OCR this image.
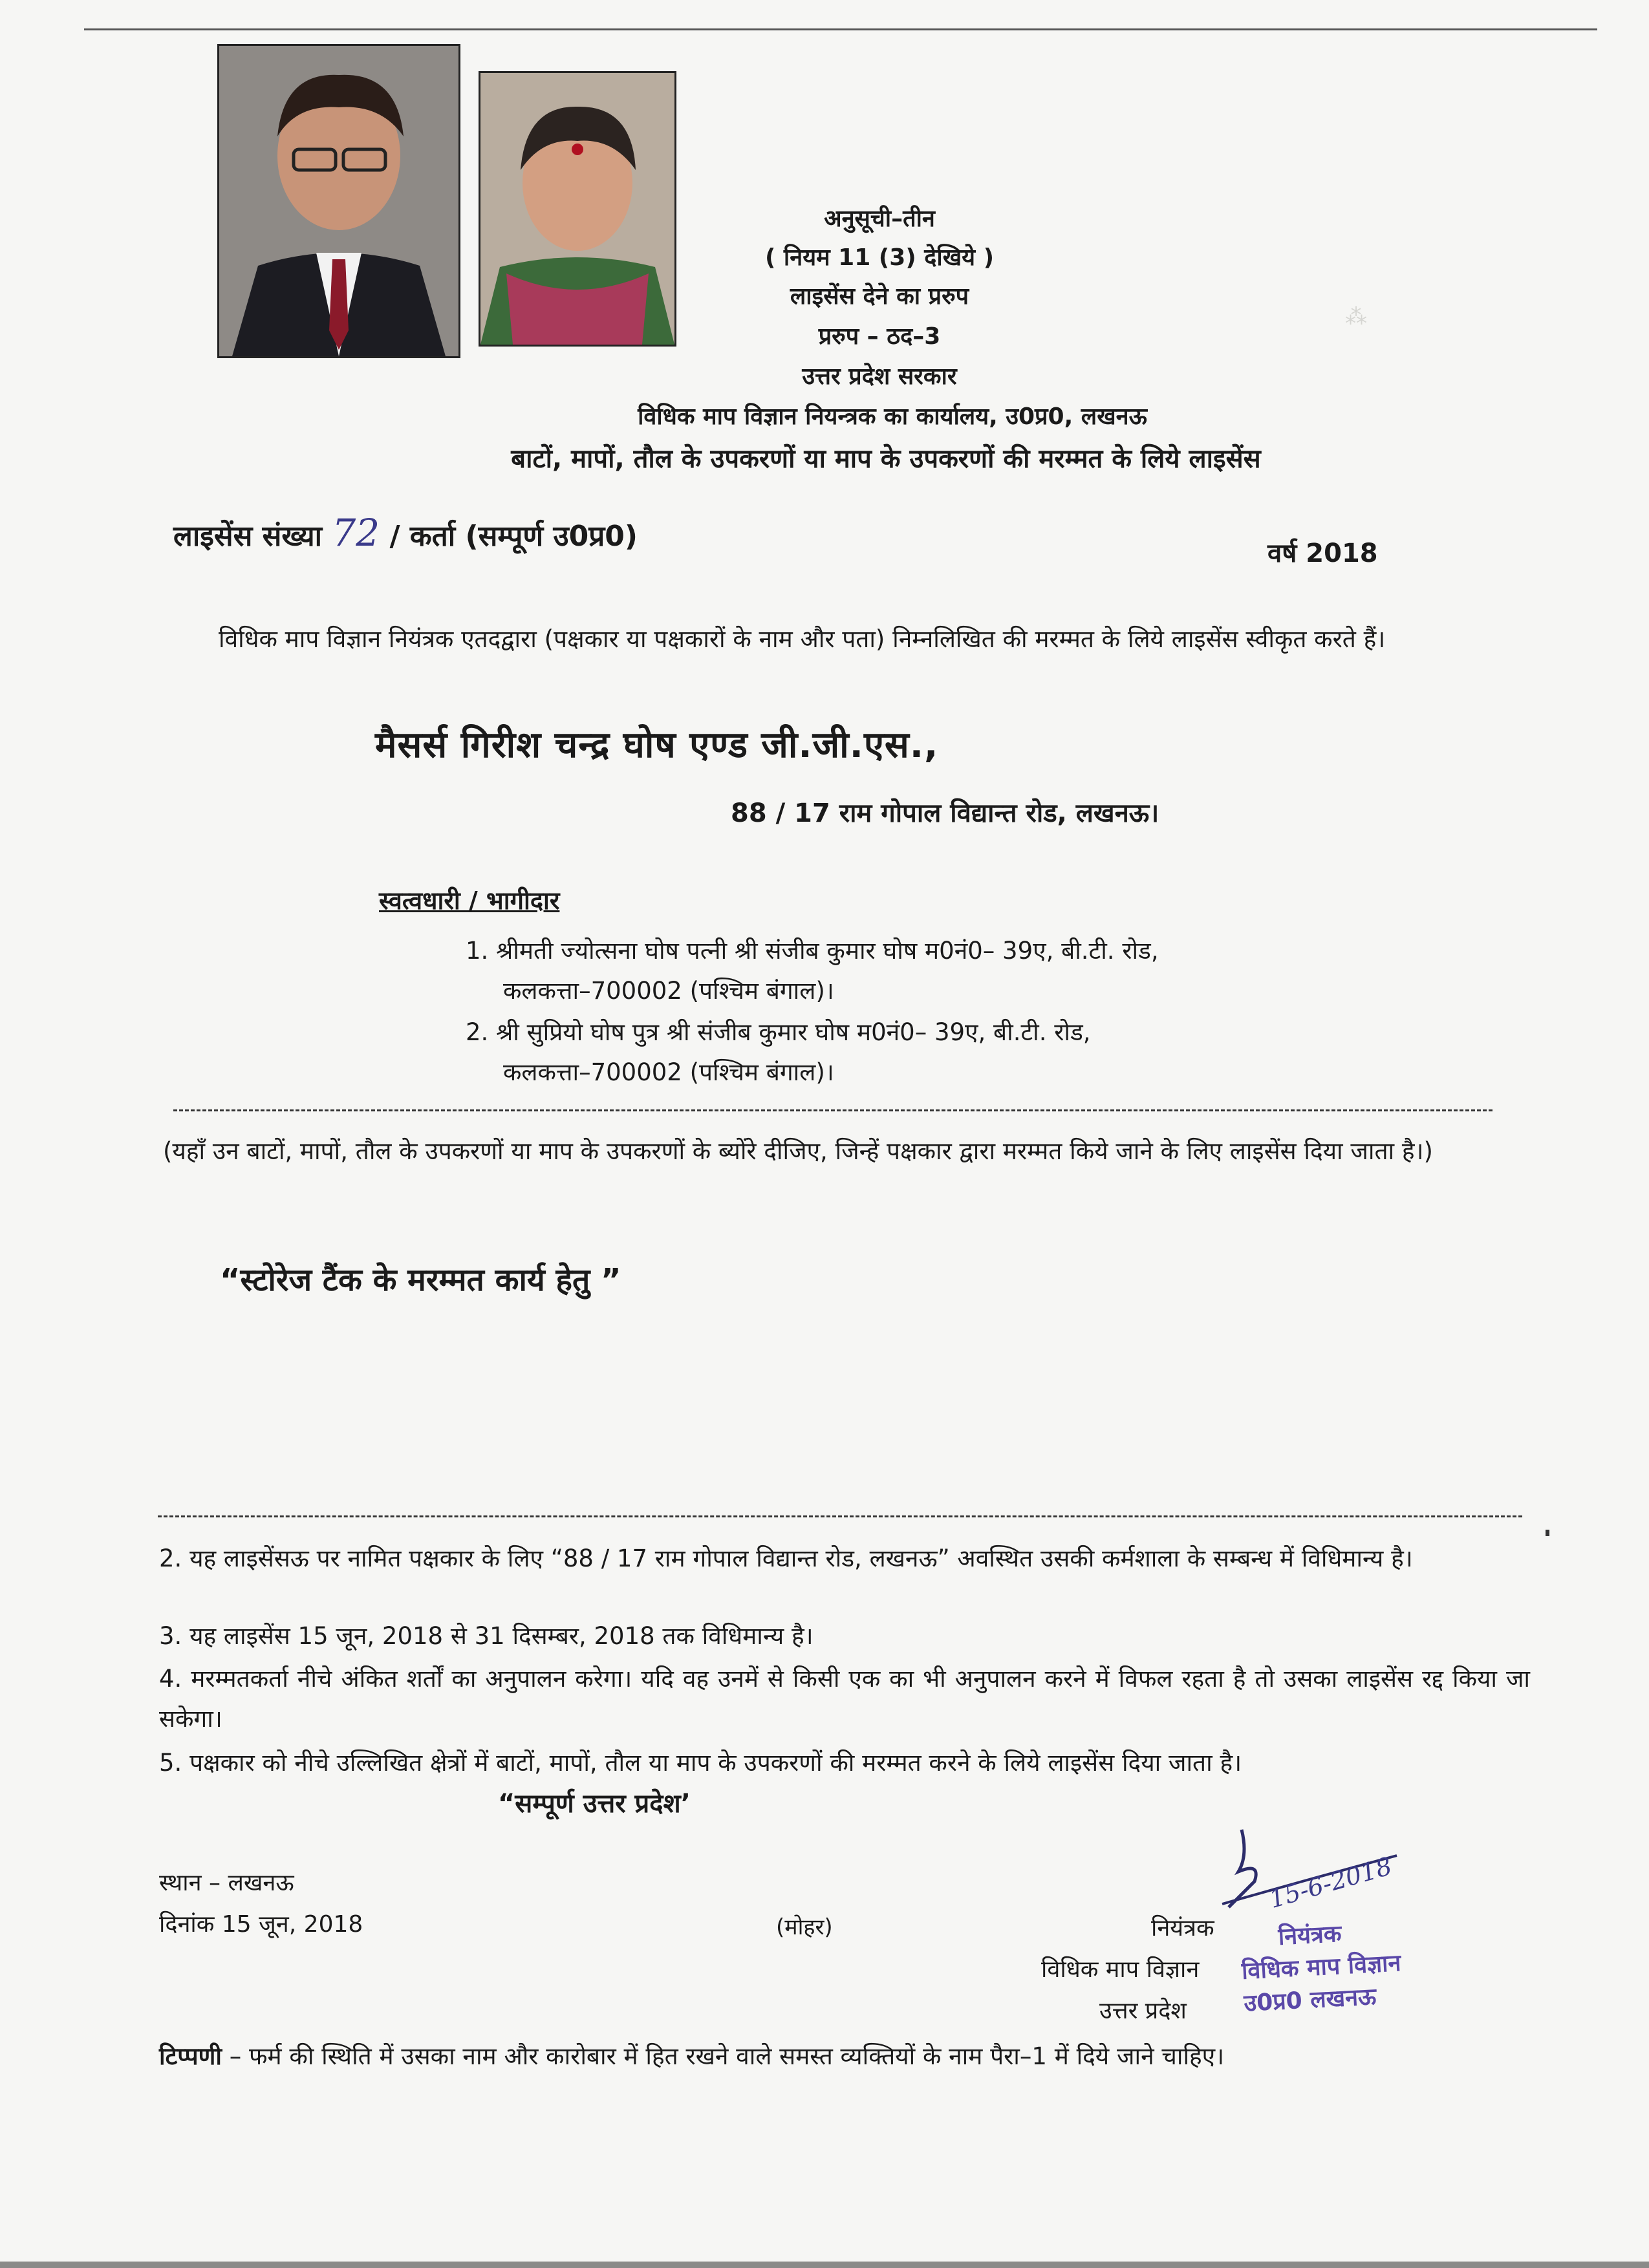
⁂
अनुसूची–तीन
( नियम 11 (3) देखिये )
लाइसेंस देने का प्ररुप
प्ररुप – ठद–3
उत्तर प्रदेश सरकार
विधिक माप विज्ञान नियन्त्रक का कार्यालय, उ0प्र0, लखनऊ
बाटों, मापों, तौल के उपकरणों या माप के उपकरणों की मरम्मत के लिये लाइसेंस
लाइसेंस संख्या 72 / कर्ता (सम्पूर्ण उ0प्र0)
वर्ष 2018
विधिक माप विज्ञान नियंत्रक एतदद्वारा (पक्षकार या पक्षकारों के नाम और पता) निम्नलिखित की मरम्मत के लिये लाइसेंस स्वीकृत करते हैं।
मैसर्स गिरीश चन्द्र घोष एण्ड जी.जी.एस.,
88 / 17 राम गोपाल विद्यान्त रोड, लखनऊ।
स्वत्वधारी / भागीदार
1. श्रीमती ज्योत्सना घोष पत्नी श्री संजीब कुमार घोष म0नं0– 39ए, बी.टी. रोड,
कलकत्ता–700002 (पश्चिम बंगाल)।
2. श्री सुप्रियो घोष पुत्र श्री संजीब कुमार घोष म0नं0– 39ए, बी.टी. रोड,
कलकत्ता–700002 (पश्चिम बंगाल)।
(यहाँ उन बाटों, मापों, तौल के उपकरणों या माप के उपकरणों के ब्योंरे दीजिए, जिन्हें पक्षकार द्वारा मरम्मत किये जाने के लिए लाइसेंस दिया जाता है।)
“स्टोरेज टैंक के मरम्मत कार्य हेतु ”
2. यह लाइसेंसऊ पर नामित पक्षकार के लिए “88 / 17 राम गोपाल विद्यान्त रोड, लखनऊ” अवस्थित उसकी कर्मशाला के सम्बन्ध में विधिमान्य है।
3. यह लाइसेंस 15 जून, 2018 से 31 दिसम्बर, 2018 तक विधिमान्य है।
4. मरम्मतकर्ता नीचे अंकित शर्तों का अनुपालन करेगा। यदि वह उनमें से किसी एक का भी अनुपालन करने में विफल रहता है तो उसका लाइसेंस रद्द किया जा सकेगा।
5. पक्षकार को नीचे उल्लिखित क्षेत्रों में बाटों, मापों, तौल या माप के उपकरणों की मरम्मत करने के लिये लाइसेंस दिया जाता है।
“सम्पूर्ण उत्तर प्रदेश’
स्थान – लखनऊ
दिनांक 15 जून, 2018	(मोहर)	नियंत्रक
विधिक माप विज्ञान
उत्तर प्रदेश
15-6-2018
नियंत्रक
विधिक माप विज्ञान
उ0प्र0 लखनऊ
टिप्पणी – फर्म की स्थिति में उसका नाम और कारोबार में हित रखने वाले समस्त व्यक्तियों के नाम पैरा–1 में दिये जाने चाहिए।
